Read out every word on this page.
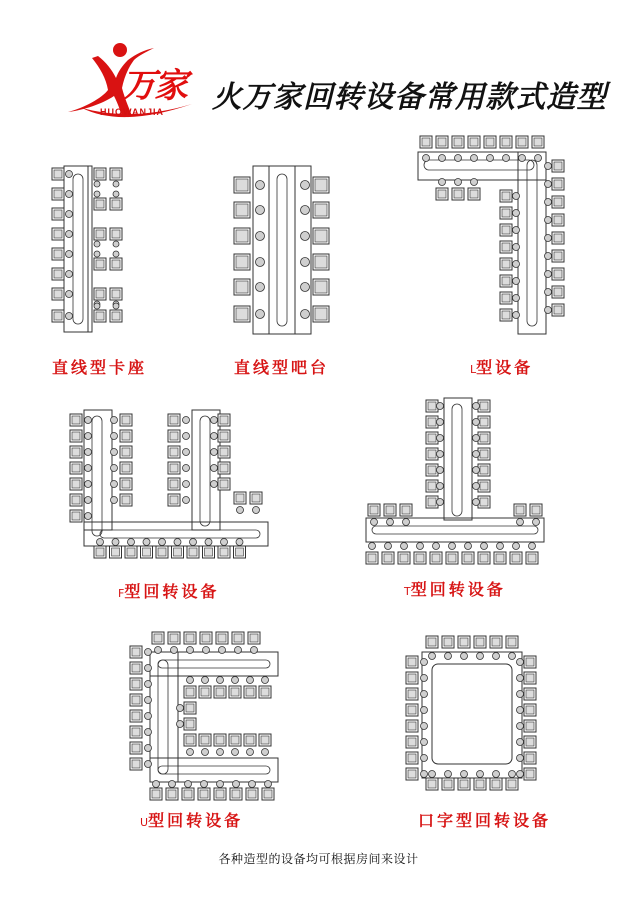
万家
HUOWANJIA 火万家回转设备常用款式造型
直线型卡座	直线型吧台	L型设备
F型回转设备	T型回转设备
U型回转设备	口字型回转设备
各种造型的设备均可根据房间来设计
